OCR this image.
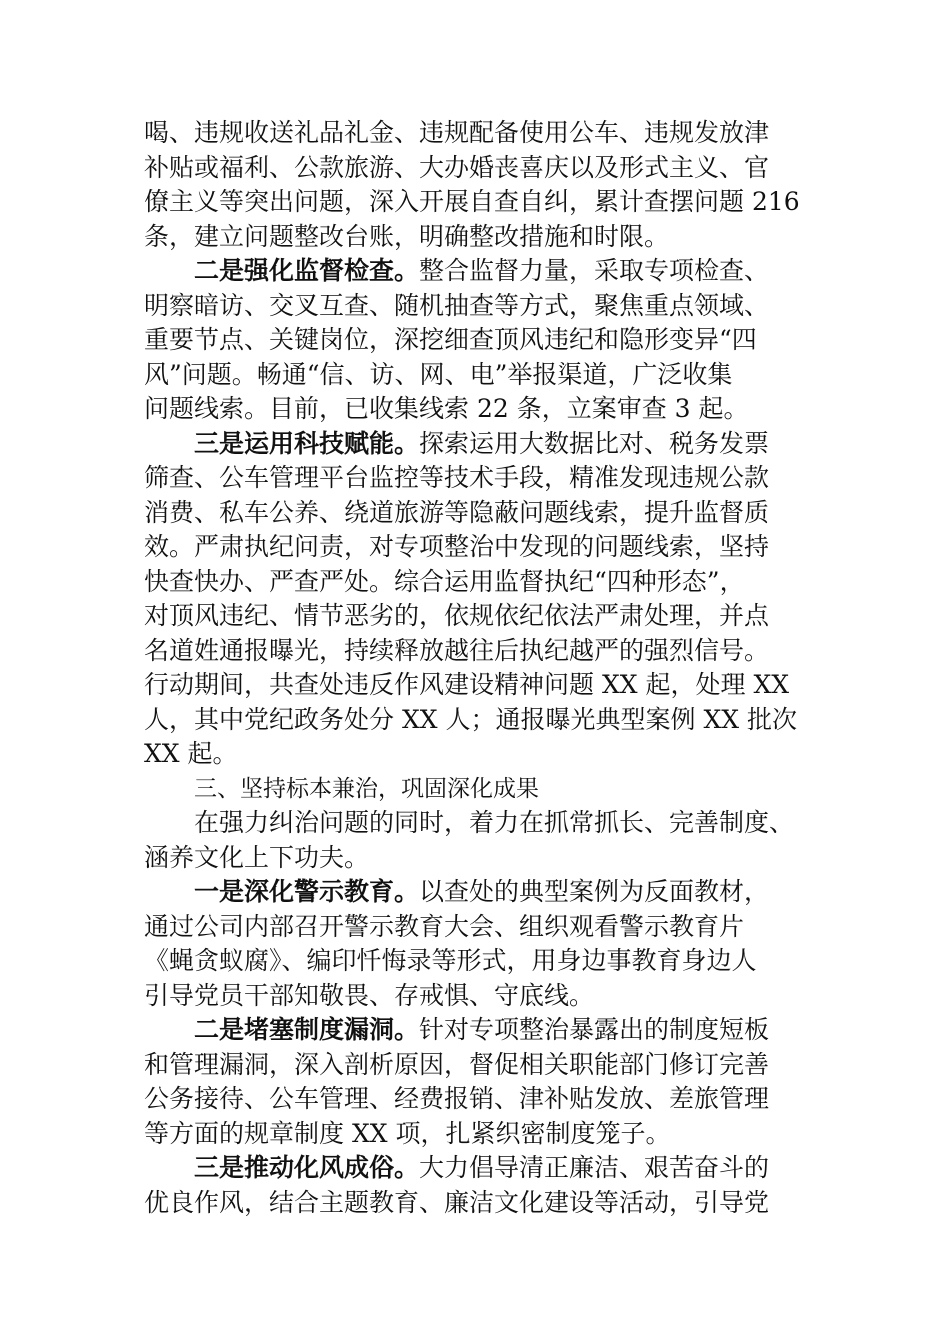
喝、违规收送礼品礼金、违规配备使用公车、违规发放津
补贴或福利、公款旅游、大办婚丧喜庆以及形式主义、官
僚主义等突出问题，深入开展自查自纠，累计查摆问题 216
条，建立问题整改台账，明确整改措施和时限。
二是强化监督检查。整合监督力量，采取专项检查、
明察暗访、交叉互查、随机抽查等方式，聚焦重点领域、
重要节点、关键岗位，深挖细查顶风违纪和隐形变异“四
风”问题。畅通“信、访、网、电”举报渠道，广泛收集
问题线索。目前，已收集线索 22 条，立案审查 3 起。
三是运用科技赋能。探索运用大数据比对、税务发票
筛查、公车管理平台监控等技术手段，精准发现违规公款
消费、私车公养、绕道旅游等隐蔽问题线索，提升监督质
效。严肃执纪问责，对专项整治中发现的问题线索，坚持
快查快办、严查严处。综合运用监督执纪“四种形态”，
对顶风违纪、情节恶劣的，依规依纪依法严肃处理，并点
名道姓通报曝光，持续释放越往后执纪越严的强烈信号。
行动期间，共查处违反作风建设精神问题 XX 起，处理 XX
人，其中党纪政务处分 XX 人；通报曝光典型案例 XX 批次
XX 起。
三、坚持标本兼治，巩固深化成果
在强力纠治问题的同时，着力在抓常抓长、完善制度、
涵养文化上下功夫。
一是深化警示教育。以查处的典型案例为反面教材，
通过公司内部召开警示教育大会、组织观看警示教育片
《蝇贪蚁腐》、编印忏悔录等形式，用身边事教育身边人
引导党员干部知敬畏、存戒惧、守底线。
二是堵塞制度漏洞。针对专项整治暴露出的制度短板
和管理漏洞，深入剖析原因，督促相关职能部门修订完善
公务接待、公车管理、经费报销、津补贴发放、差旅管理
等方面的规章制度 XX 项，扎紧织密制度笼子。
三是推动化风成俗。大力倡导清正廉洁、艰苦奋斗的
优良作风，结合主题教育、廉洁文化建设等活动，引导党
